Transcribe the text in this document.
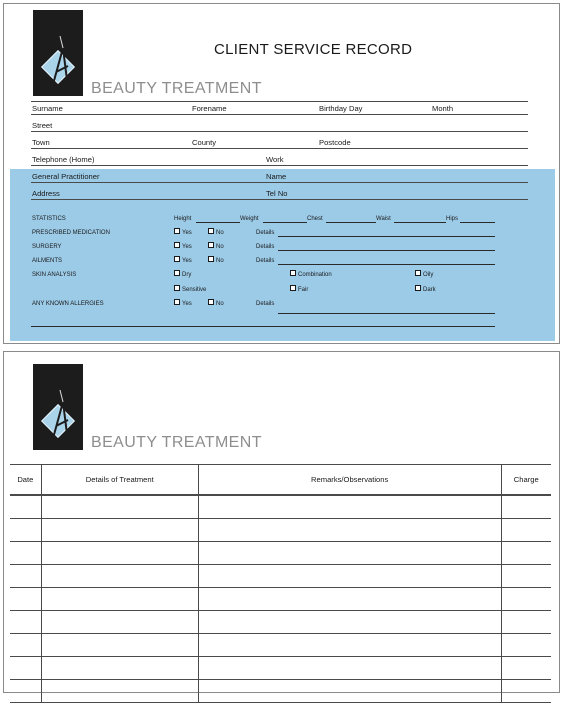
CLIENT SERVICE RECORD
BEAUTY TREATMENT
Surname	Forename	Birthday Day	Month
Street
Town	County	Postcode
Telephone (Home)	Work
General Practitioner	Name
Address	Tel No
STATISTICS	Height	Weight	Chest	Waist	Hips
PRESCRIBED MEDICATION	Yes	No	Details
SURGERY	Yes	No	Details
AILMENTS	Yes	No	Details
SKIN ANALYSIS	Dry	Combination	Oily
Sensitive	Fair	Dark
ANY KNOWN ALLERGIES	Yes	No	Details
BEAUTY TREATMENT
Date	Details of Treatment	Remarks/Observations	Charge
